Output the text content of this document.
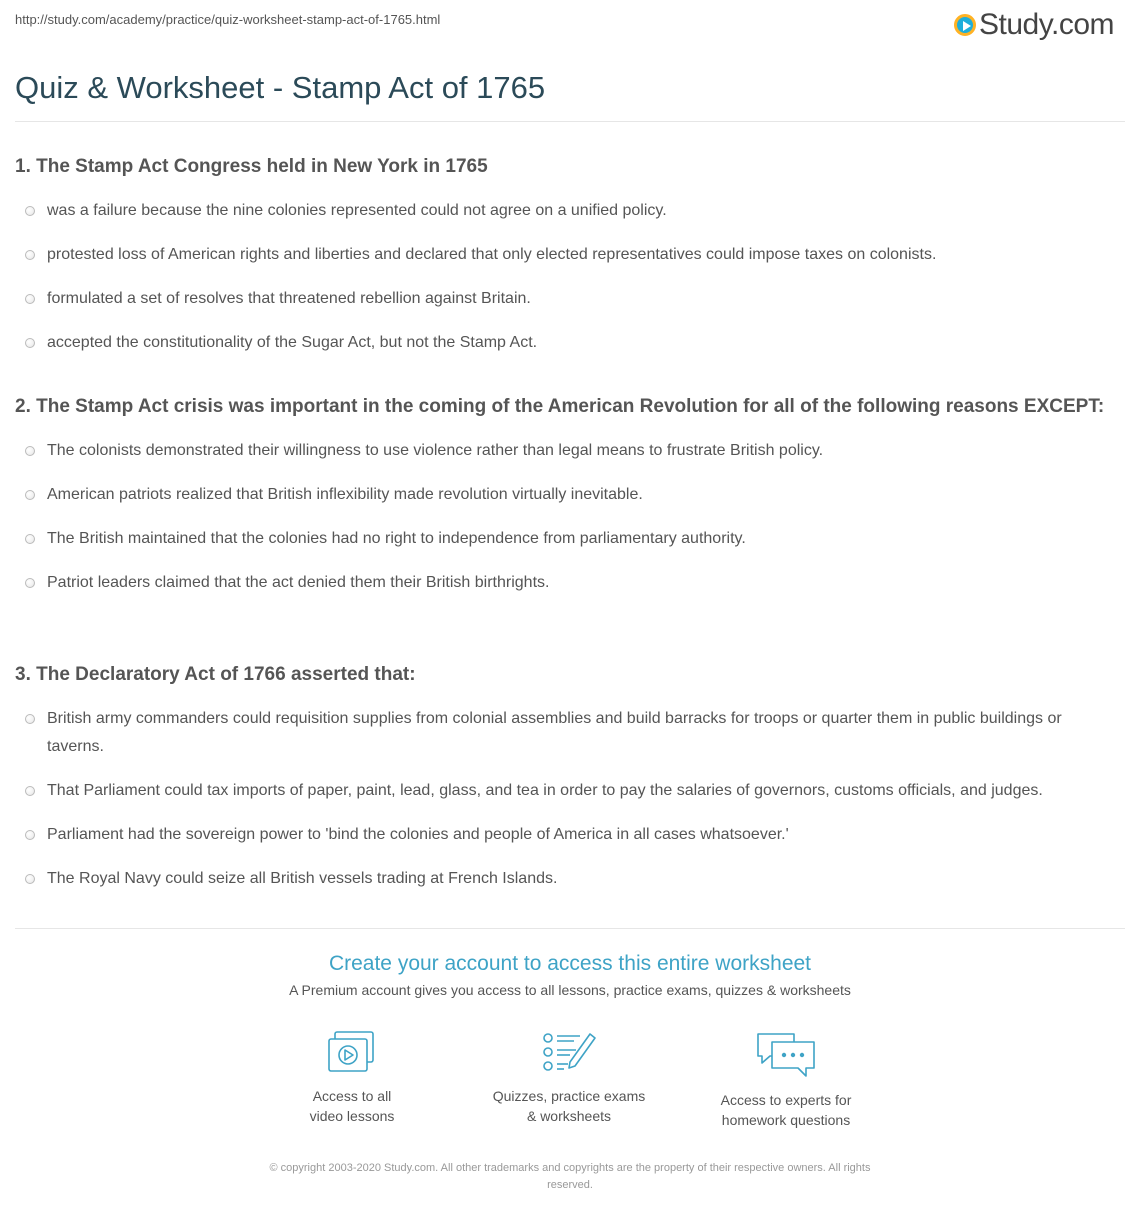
http://study.com/academy/practice/quiz-worksheet-stamp-act-of-1765.html	Study.com
Quiz & Worksheet - Stamp Act of 1765
1. The Stamp Act Congress held in New York in 1765
was a failure because the nine colonies represented could not agree on a unified policy.
protested loss of American rights and liberties and declared that only elected representatives could impose taxes on colonists.
formulated a set of resolves that threatened rebellion against Britain.
accepted the constitutionality of the Sugar Act, but not the Stamp Act.
2. The Stamp Act crisis was important in the coming of the American Revolution for all of the following reasons EXCEPT:
The colonists demonstrated their willingness to use violence rather than legal means to frustrate British policy.
American patriots realized that British inflexibility made revolution virtually inevitable.
The British maintained that the colonies had no right to independence from parliamentary authority.
Patriot leaders claimed that the act denied them their British birthrights.
3. The Declaratory Act of 1766 asserted that:
British army commanders could requisition supplies from colonial assemblies and build barracks for troops or quarter them in public buildings or taverns.
That Parliament could tax imports of paper, paint, lead, glass, and tea in order to pay the salaries of governors, customs officials, and judges.
Parliament had the sovereign power to 'bind the colonies and people of America in all cases whatsoever.'
The Royal Navy could seize all British vessels trading at French Islands.
Create your account to access this entire worksheet
A Premium account gives you access to all lessons, practice exams, quizzes & worksheets
Access to all
video lessons
Quizzes, practice exams
& worksheets
Access to experts for
homework questions
© copyright 2003-2020 Study.com. All other trademarks and copyrights are the property of their respective owners. All rights
reserved.
